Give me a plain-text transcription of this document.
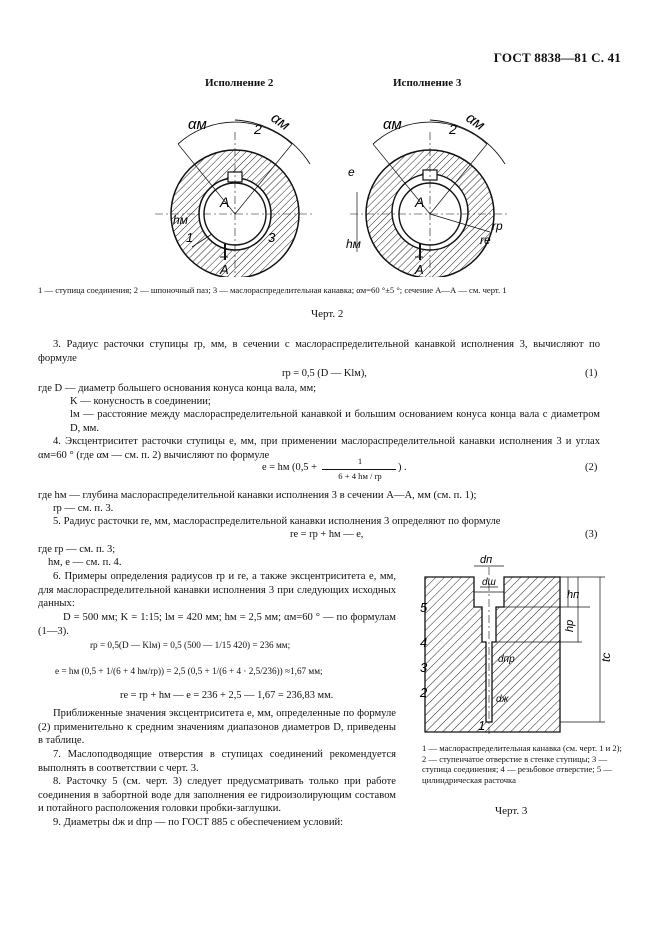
ГОСТ 8838—81 С. 41
Исполнение 2	Исполнение 3
αм	αм
2
A
hм
1	3
A
αм	αм
2
e
A
rр
rе
hм
A
1 — ступица соединения; 2 — шпоночный паз; 3 — маслораспределительная канавка; αм=60 °±5 °; сечение А—А — см. черт. 1
Черт. 2
3. Радиус расточки ступицы rр, мм, в сечении с маслораспределительной канавкой исполнения 3, вычисляют по формуле
rр = 0,5 (D — Klм),	(1)
где D — диаметр большего основания конуса конца вала, мм;
K — конусность в соединении;
lм — расстояние между маслораспределительной канавкой и большим основанием конуса конца вала с диаметром D, мм.
4. Эксцентриситет расточки ступицы е, мм, при применении маслораспределительной канавки исполнения 3 и углах αм=60 ° (где αм — см. п. 2) вычисляют по формуле
е = hм (0,5 +
1
6 + 4 hм / rр
) .	(2)
где hм — глубина маслораспределительной канавки исполнения 3 в сечении А—А, мм (см. п. 1);
rр — см. п. 3.
5. Радиус расточки rе, мм, маслораспределительной канавки исполнения 3 определяют по формуле
rе = rр + hм — е,	(3)
где rр — см. п. 3;
hм, е — см. п. 4.
6. Примеры определения радиусов rр и rе, а также эксцентриситета е, мм, для маслораспределительной канавки исполнения 3 при следующих исходных данных:
D = 500 мм; K = 1:15; lм = 420 мм; hм = 2,5 мм; αм=60 ° — по формулам (1—3).
rр = 0,5(D — Klм) = 0,5 (500 — 1/15 420) = 236 мм;
е = hм (0,5 + 1/(6 + 4 hм/rр)) = 2,5 (0,5 + 1/(6 + 4 · 2,5/236)) ≈1,67 мм;
rе = rр + hм — е = 236 + 2,5 — 1,67 = 236,83 мм.
Приближенные значения эксцентриситета е, мм, определенные по формуле (2) применительно к средним значениям диапазонов диаметров D, приведены в таблице.
7. Маслоподводящие отверстия в ступицах соединений рекомендуется выполнять в соответствии с черт. 3.
8. Расточку 5 (см. черт. 3) следует предусматривать только при работе соединения в забортной воде для заполнения ее гидроизолирующим составом и потайного расположения головки пробки-заглушки.
9. Диаметры dж и dпр — по ГОСТ 885 с обеспечением условий:
dп
dш
hп
hр
dпр
dж
tс
5
4
3
2
1
1 — маслораспределительная канавка (см. черт. 1 и 2); 2 — ступенчатое отверстие в стенке ступицы; 3 — ступица соединения; 4 — резьбовое отверстие; 5 — цилиндрическая расточка
Черт. 3
